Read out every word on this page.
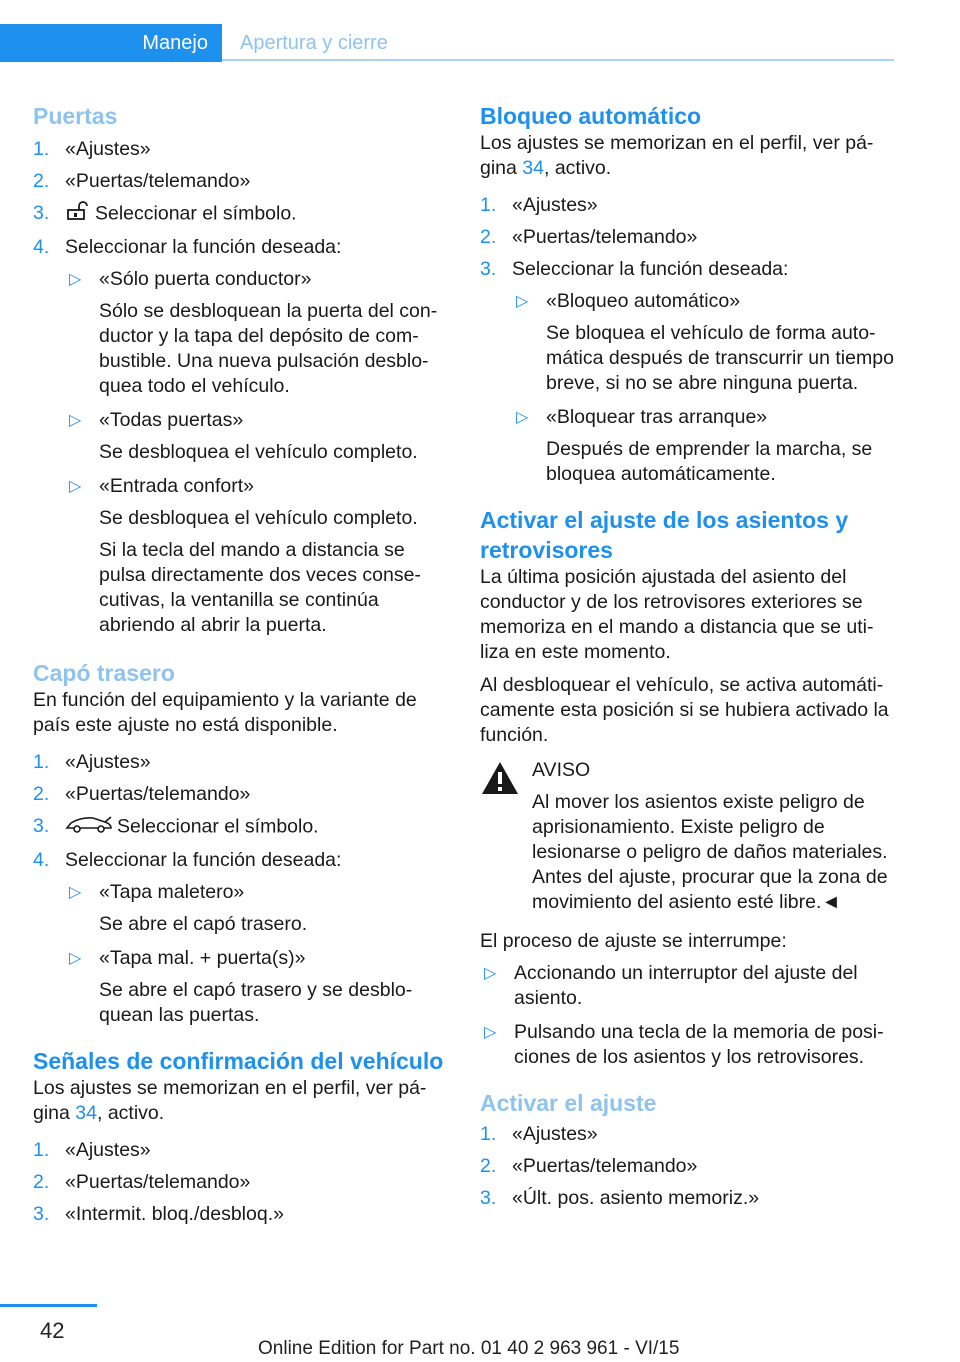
Manejo	Apertura y cierre
Puertas
1. «Ajustes»
2. «Puertas/telemando»
3. Seleccionar el símbolo.
4. Seleccionar la función deseada:
▷ «Sólo puerta conductor»
Sólo se desbloquean la puerta del con‐ductor y la tapa del depósito de com‐bustible. Una nueva pulsación desblo‐quea todo el vehículo.
▷ «Todas puertas»
Se desbloquea el vehículo completo.
▷ «Entrada confort»
Se desbloquea el vehículo completo.
Si la tecla del mando a distancia se pulsa directamente dos veces conse‐cutivas, la ventanilla se continúa abriendo al abrir la puerta.
Capó trasero

En función del equipamiento y la variante de país este ajuste no está disponible.

1. «Ajustes»
2. «Puertas/telemando»
3.	Seleccionar el símbolo.
4. Seleccionar la función deseada:
▷ «Tapa maletero»
Se abre el capó trasero.
▷ «Tapa mal. + puerta(s)»
Se abre el capó trasero y se desblo‐quean las puertas.
Señales de confirmación del vehículo

Los ajustes se memorizan en el perfil, ver pá‐gina 34, activo.

1. «Ajustes»
2. «Puertas/telemando»
3. «Intermit. bloq./desbloq.»
Bloqueo automático

Los ajustes se memorizan en el perfil, ver pá‐gina 34, activo.

1. «Ajustes»
2. «Puertas/telemando»
3. Seleccionar la función deseada:
▷ «Bloqueo automático»
Se bloquea el vehículo de forma auto‐mática después de transcurrir un tiempo breve, si no se abre ninguna puerta.
▷ «Bloquear tras arranque»
Después de emprender la marcha, se bloquea automáticamente.
Activar el ajuste de los asientos y retrovisores

La última posición ajustada del asiento del conductor y de los retrovisores exteriores se memoriza en el mando a distancia que se uti‐liza en este momento.

Al desbloquear el vehículo, se activa automáti‐camente esta posición si se hubiera activado la función.

AVISO
Al mover los asientos existe peligro de aprisionamiento. Existe peligro de lesionarse o peligro de daños materiales. Antes del ajuste, procurar que la zona de movimiento del asiento esté libre.◄

El proceso de ajuste se interrumpe:

▷ Accionando un interruptor del ajuste del asiento.
▷ Pulsando una tecla de la memoria de posi‐ciones de los asientos y los retrovisores.
Activar el ajuste
1. «Ajustes»
2. «Puertas/telemando»
3. «Últ. pos. asiento memoriz.»
42
Online Edition for Part no. 01 40 2 963 961 - VI/15
